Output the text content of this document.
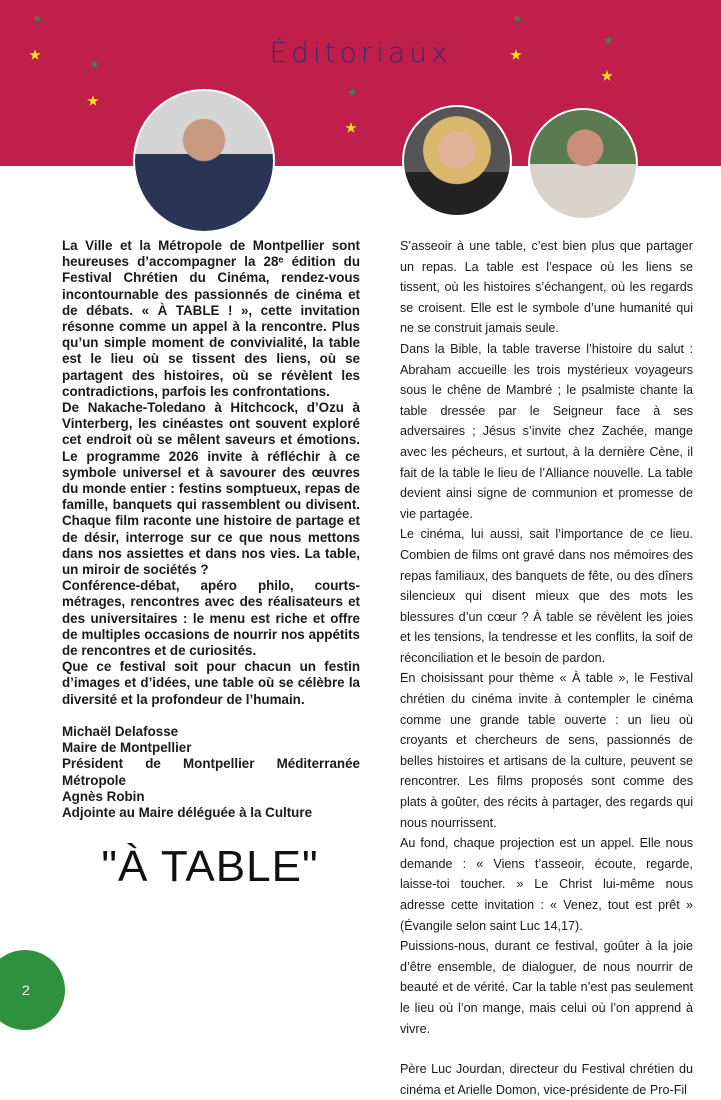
Éditoriaux

La Ville et la Métropole de Montpellier sont heureuses d’accompagner la 28ᵉ édition du Festival Chrétien du Cinéma, rendez-vous incontournable des passionnés de cinéma et de débats. « À TABLE ! », cette invitation résonne comme un appel à la rencontre. Plus qu’un simple moment de convivialité, la table est le lieu où se tissent des liens, où se partagent des histoires, où se révèlent les contradictions, parfois les confrontations.

De Nakache-Toledano à Hitchcock, d’Ozu à Vinterberg, les cinéastes ont souvent exploré cet endroit où se mêlent saveurs et émotions. Le programme 2026 invite à réfléchir à ce symbole universel et à savourer des œuvres du monde entier : festins somptueux, repas de famille, banquets qui rassemblent ou divisent. Chaque film raconte une histoire de partage et de désir, interroge sur ce que nous mettons dans nos assiettes et dans nos vies. La table, un miroir de sociétés ?

Conférence-débat, apéro philo, courts-métrages, rencontres avec des réalisateurs et des universitaires : le menu est riche et offre de multiples occasions de nourrir nos appétits de rencontres et de curiosités.

Que ce festival soit pour chacun un festin d’images et d’idées, une table où se célèbre la diversité et la profondeur de l’humain.

Michaël Delafosse

Maire de Montpellier

Président de Montpellier Méditerranée Métropole

Agnès Robin

Adjointe au Maire déléguée à la Culture

"À TABLE"

S’asseoir à une table, c’est bien plus que partager un repas. La table est l’espace où les liens se tissent, où les histoires s’échangent, où les regards se croisent. Elle est le symbole d’une humanité qui ne se construit jamais seule.

Dans la Bible, la table traverse l’histoire du salut : Abraham accueille les trois mystérieux voyageurs sous le chêne de Mambré ; le psalmiste chante la table dressée par le Seigneur face à ses adversaires ; Jésus s’invite chez Zachée, mange avec les pécheurs, et surtout, à la dernière Cène, il fait de la table le lieu de l’Alliance nouvelle. La table devient ainsi signe de communion et promesse de vie partagée.

Le cinéma, lui aussi, sait l’importance de ce lieu. Combien de films ont gravé dans nos mémoires des repas familiaux, des banquets de fête, ou des dîners silencieux qui disent mieux que des mots les blessures d’un cœur ? À table se révèlent les joies et les tensions, la tendresse et les conflits, la soif de réconciliation et le besoin de pardon.

En choisissant pour thème « À table », le Festival chrétien du cinéma invite à contempler le cinéma comme une grande table ouverte : un lieu où croyants et chercheurs de sens, passionnés de belles histoires et artisans de la culture, peuvent se rencontrer. Les films proposés sont comme des plats à goûter, des récits à partager, des regards qui nous nourrissent.

Au fond, chaque projection est un appel. Elle nous demande : « Viens t’asseoir, écoute, regarde, laisse-toi toucher. » Le Christ lui-même nous adresse cette invitation : « Venez, tout est prêt » (Évangile selon saint Luc 14,17).

Puissions-nous, durant ce festival, goûter à la joie d’être ensemble, de dialoguer, de nous nourrir de beauté et de vérité. Car la table n’est pas seulement le lieu où l’on mange, mais celui où l’on apprend à vivre.

Père Luc Jourdan, directeur du Festival chrétien du cinéma et Arielle Domon, vice-présidente de Pro-Fil

2
